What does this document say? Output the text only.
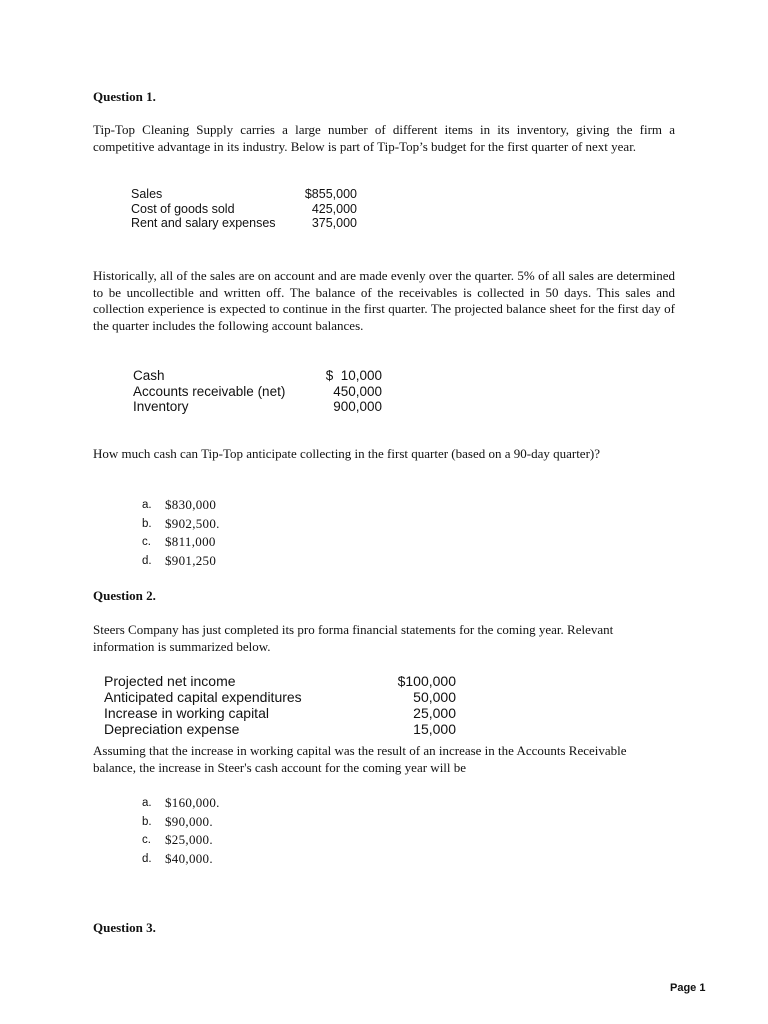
Question 1.
Tip-Top Cleaning Supply carries a large number of different items in its inventory, giving the firm a competitive advantage in its industry. Below is part of Tip-Top’s budget for the first quarter of next year.
Sales	$855,000
Cost of goods sold	425,000
Rent and salary expenses	375,000
Historically, all of the sales are on account and are made evenly over the quarter. 5% of all sales are determined to be uncollectible and written off. The balance of the receivables is collected in 50 days. This sales and collection experience is expected to continue in the first quarter. The projected balance sheet for the first day of the quarter includes the following account balances.
Cash	$  10,000
Accounts receivable (net)	450,000
Inventory	900,000
How much cash can Tip-Top anticipate collecting in the first quarter (based on a 90-day quarter)?
a. $830,000
b. $902,500.
c. $811,000
d. $901,250
Question 2.
Steers Company has just completed its pro forma financial statements for the coming year. Relevant information is summarized below.
Projected net income	$100,000
Anticipated capital expenditures	50,000
Increase in working capital	25,000
Depreciation expense	15,000
Assuming that the increase in working capital was the result of an increase in the Accounts Receivable balance, the increase in Steer's cash account for the coming year will be
a. $160,000.
b. $90,000.
c. $25,000.
d. $40,000.
Question 3.
Page 1
